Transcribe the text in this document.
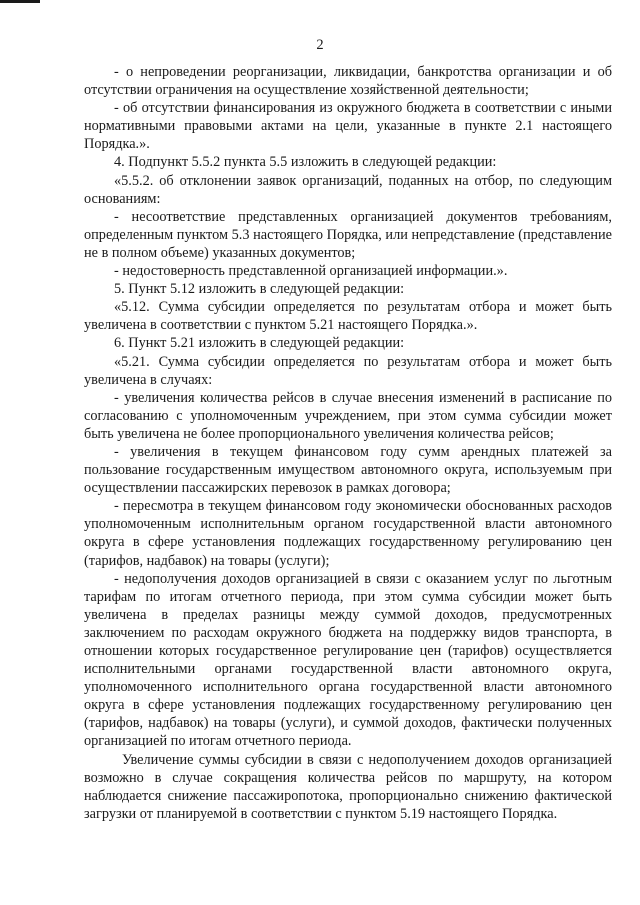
2

- о непроведении реорганизации, ликвидации, банкротства организации и об отсутствии ограничения на осуществление хозяйственной деятельности;

- об отсутствии финансирования из окружного бюджета в соответствии с иными нормативными правовыми актами на цели, указанные в пункте 2.1 настоящего Порядка.».

4. Подпункт 5.5.2 пункта 5.5 изложить в следующей редакции:

«5.5.2. об отклонении заявок организаций, поданных на отбор, по следующим основаниям:

- несоответствие представленных организацией документов требованиям, определенным пунктом 5.3 настоящего Порядка, или непредставление (представление не в полном объеме) указанных документов;

- недостоверность представленной организацией информации.».

5. Пункт 5.12 изложить в следующей редакции:

«5.12. Сумма субсидии определяется по результатам отбора и может быть увеличена в соответствии с пунктом 5.21 настоящего Порядка.».

6. Пункт 5.21 изложить в следующей редакции:

«5.21. Сумма субсидии определяется по результатам отбора и может быть увеличена в случаях:

- увеличения количества рейсов в случае внесения изменений в расписание по согласованию с уполномоченным учреждением, при этом сумма субсидии может быть увеличена не более пропорционального увеличения количества рейсов;

- увеличения в текущем финансовом году сумм арендных платежей за пользование государственным имуществом автономного округа, используемым при осуществлении пассажирских перевозок в рамках договора;

- пересмотра в текущем финансовом году экономически обоснованных расходов уполномоченным исполнительным органом государственной власти автономного округа в сфере установления подлежащих государственному регулированию цен (тарифов, надбавок) на товары (услуги);

- недополучения доходов организацией в связи с оказанием услуг по льготным тарифам по итогам отчетного периода, при этом сумма субсидии может быть увеличена в пределах разницы между суммой доходов, предусмотренных заключением по расходам окружного бюджета на поддержку видов транспорта, в отношении которых государственное регулирование цен (тарифов) осуществляется исполнительными органами государственной власти автономного округа, уполномоченного исполнительного органа государственной власти автономного округа в сфере установления подлежащих государственному регулированию цен (тарифов, надбавок) на товары (услуги), и суммой доходов, фактически полученных организацией по итогам отчетного периода.

Увеличение суммы субсидии в связи с недополучением доходов организацией возможно в случае сокращения количества рейсов по маршруту, на котором наблюдается снижение пассажиропотока, пропорционально снижению фактической загрузки от планируемой в соответствии с пунктом 5.19 настоящего Порядка.
